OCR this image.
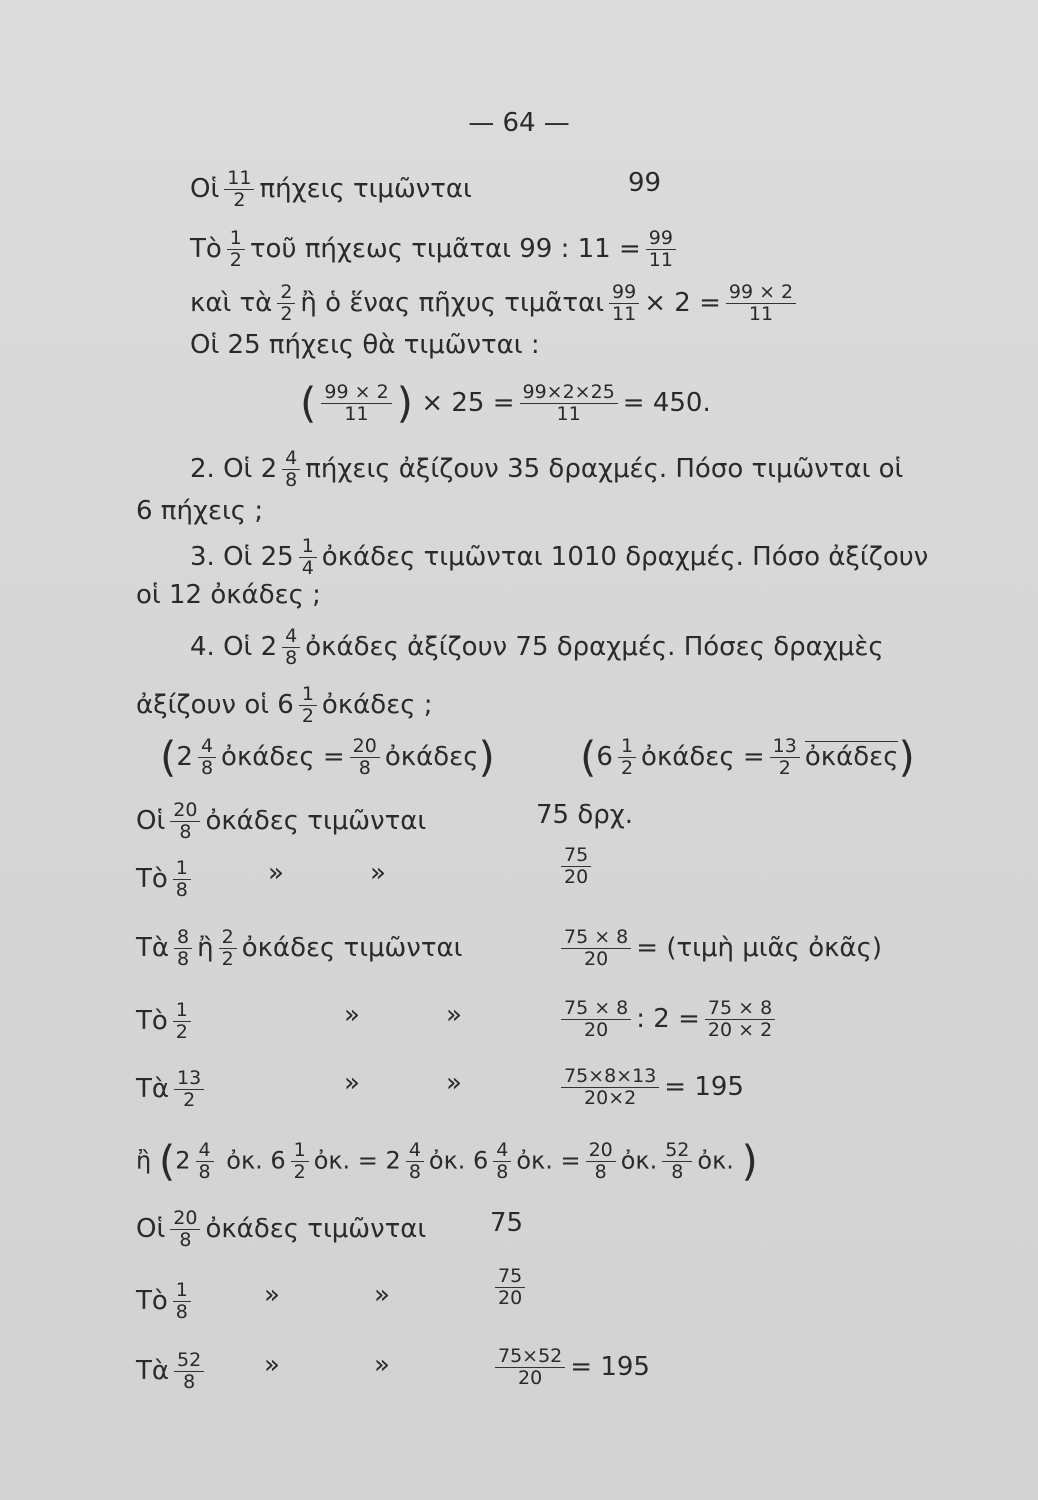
— 64 —
Oἱ $\frac{11}{2}$ πήχεις τιμῶνται	99
Τὸ $\frac{1}{2}$ τοῦ πήχεως τιμᾶται 99 : $11 = \frac{99}{11}$
καὶ τὰ $\frac{2}{2}$ ἢ ὁ ἕνας πῆχυς τιμᾶται $\frac{99}{11} \times 2 = \frac{99 \times 2}{11}$
Oἱ 25 πήχεις θὰ τιμῶνται :
( $\frac{99 \times 2}{11}$ ) × $25 = \frac{99\times 2\times 25}{11} = 450$.
2. Oἱ $2 \frac{4}{8}$ πήχεις ἀξίζουν 35 δραχμές. Πόσο τιμῶνται οἱ
6 πήχεις ;
3. Oἱ $25 \frac{1}{4}$ ὀκάδες τιμῶνται 1010 δραχμές. Πόσο ἀξίζουν
οἱ 12 ὀκάδες ;
4. Oἱ $2 \frac{4}{8}$ ὀκάδες ἀξίζουν 75 δραχμές. Πόσες δραχμὲς
ἀξίζουν οἱ $6 \frac{1}{2}$ ὀκάδες ;
($2 \frac{4}{8}$ ὀκάδες = $\frac{20}{8}$ ὀκάδες) ($6 \frac{1}{2}$ ὀκάδες = $\frac{13}{2}$ ὀκάδες)
Oἱ $\frac{20}{8}$ ὀκάδες τιμῶνται	75 δρχ.
Τὸ $\frac{1}{8}$	»	»	$\frac{75}{20}$
Τὰ $\frac{8}{8}$ ἢ $\frac{2}{2}$ ὀκάδες τιμῶνται	$\frac{75 \times 8}{20}$ = (τιμὴ μιᾶς ὀκᾶς)
Τὸ $\frac{1}{2}$	»	»	$\frac{75 \times 8}{20}$ : $2 = \frac{75 \times 8}{20 \times 2}$
Τὰ $\frac{13}{2}$	»	»	$\frac{75\times 8\times 13}{20\times 2} = 195$
ἢ ($2 \frac{4}{8}$ ὀκ. $6 \frac{1}{2}$ ὀκ. = $2 \frac{4}{8}$ ὀκ. $6 \frac{4}{8}$ ὀκ. = $\frac{20}{8}$ ὀκ. $\frac{52}{8}$ ὀκ. )
Oἱ $\frac{20}{8}$ ὀκάδες τιμῶνται 75
Τὸ $\frac{1}{8}$	»	»	$\frac{75}{20}$
Τὰ $\frac{52}{8}$ »	»	$\frac{75\times 52}{20} = 195$
